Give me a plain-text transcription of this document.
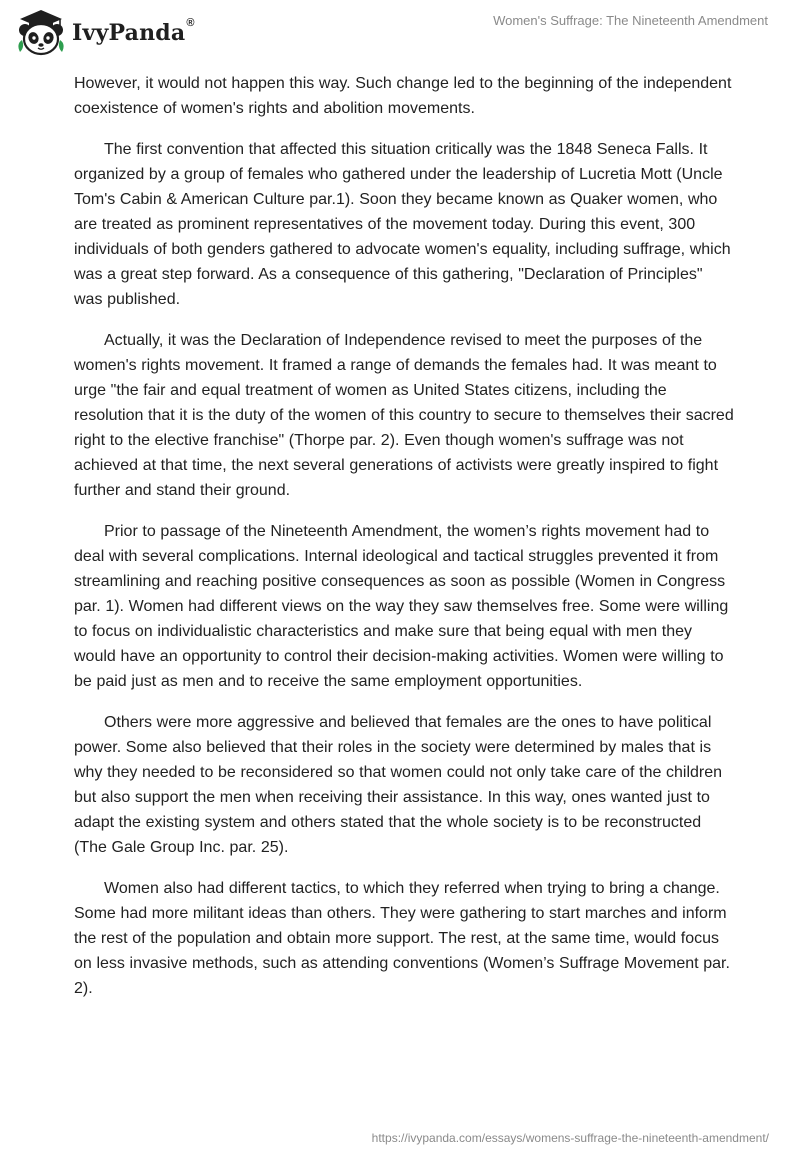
IvyPanda®	Women's Suffrage: The Nineteenth Amendment

However, it would not happen this way. Such change led to the beginning of the independent coexistence of women's rights and abolition movements.

The first convention that affected this situation critically was the 1848 Seneca Falls. It organized by a group of females who gathered under the leadership of Lucretia Mott (Uncle Tom's Cabin & American Culture par.1). Soon they became known as Quaker women, who are treated as prominent representatives of the movement today. During this event, 300 individuals of both genders gathered to advocate women's equality, including suffrage, which was a great step forward. As a consequence of this gathering, "Declaration of Principles" was published.

Actually, it was the Declaration of Independence revised to meet the purposes of the women's rights movement. It framed a range of demands the females had. It was meant to urge "the fair and equal treatment of women as United States citizens, including the resolution that it is the duty of the women of this country to secure to themselves their sacred right to the elective franchise" (Thorpe par. 2). Even though women's suffrage was not achieved at that time, the next several generations of activists were greatly inspired to fight further and stand their ground.

Prior to passage of the Nineteenth Amendment, the women’s rights movement had to deal with several complications. Internal ideological and tactical struggles prevented it from streamlining and reaching positive consequences as soon as possible (Women in Congress par. 1). Women had different views on the way they saw themselves free. Some were willing to focus on individualistic characteristics and make sure that being equal with men they would have an opportunity to control their decision-making activities. Women were willing to be paid just as men and to receive the same employment opportunities.

Others were more aggressive and believed that females are the ones to have political power. Some also believed that their roles in the society were determined by males that is why they needed to be reconsidered so that women could not only take care of the children but also support the men when receiving their assistance. In this way, ones wanted just to adapt the existing system and others stated that the whole society is to be reconstructed (The Gale Group Inc. par. 25).

Women also had different tactics, to which they referred when trying to bring a change. Some had more militant ideas than others. They were gathering to start marches and inform the rest of the population and obtain more support. The rest, at the same time, would focus on less invasive methods, such as attending conventions (Women’s Suffrage Movement par. 2).

https://ivypanda.com/essays/womens-suffrage-the-nineteenth-amendment/
